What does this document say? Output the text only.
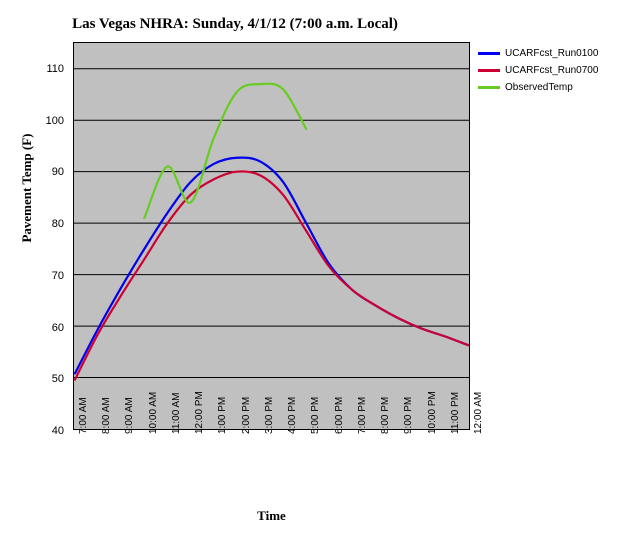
Las Vegas NHRA: Sunday, 4/1/12 (7:00 a.m. Local)
Pavement Temp (F)
40
50
60
70
80
90
100
110
7:00 AM 8:00 AM 9:00 AM 10:00 AM 11:00 AM 12:00 PM 1:00 PM 2:00 PM 3:00 PM 4:00 PM 5:00 PM 6:00 PM 7:00 PM 8:00 PM 9:00 PM 10:00 PM 11:00 PM 12:00 AM
Time
UCARFcst_Run0100
UCARFcst_Run0700
ObservedTemp
